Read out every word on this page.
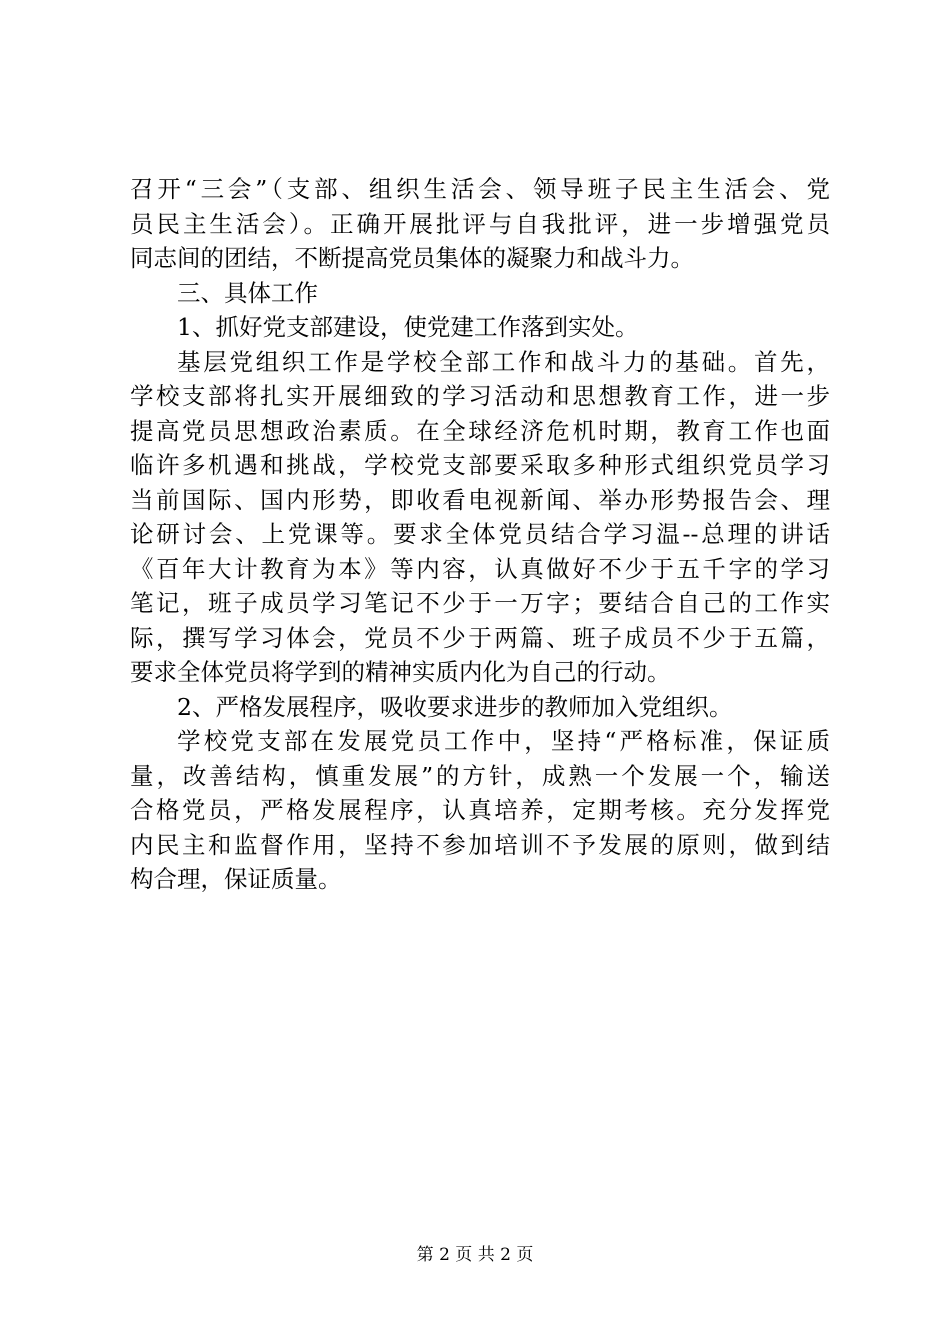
召开“三会”（支部、组织生活会、领导班子民主生活会、党
员民主生活会）。正确开展批评与自我批评，进一步增强党员
同志间的团结，不断提高党员集体的凝聚力和战斗力。
三、具体工作
1、抓好党支部建设，使党建工作落到实处。
基层党组织工作是学校全部工作和战斗力的基础。首先，
学校支部将扎实开展细致的学习活动和思想教育工作，进一步
提高党员思想政治素质。在全球经济危机时期，教育工作也面
临许多机遇和挑战，学校党支部要采取多种形式组织党员学习
当前国际、国内形势，即收看电视新闻、举办形势报告会、理
论研讨会、上党课等。要求全体党员结合学习温--总理的讲话
《百年大计教育为本》等内容，认真做好不少于五千字的学习
笔记，班子成员学习笔记不少于一万字；要结合自己的工作实
际，撰写学习体会，党员不少于两篇、班子成员不少于五篇，
要求全体党员将学到的精神实质内化为自己的行动。
2、严格发展程序，吸收要求进步的教师加入党组织。
学校党支部在发展党员工作中，坚持“严格标准，保证质
量，改善结构，慎重发展”的方针，成熟一个发展一个，输送
合格党员，严格发展程序，认真培养，定期考核。充分发挥党
内民主和监督作用，坚持不参加培训不予发展的原则，做到结
构合理，保证质量。
第 2 页 共 2 页
